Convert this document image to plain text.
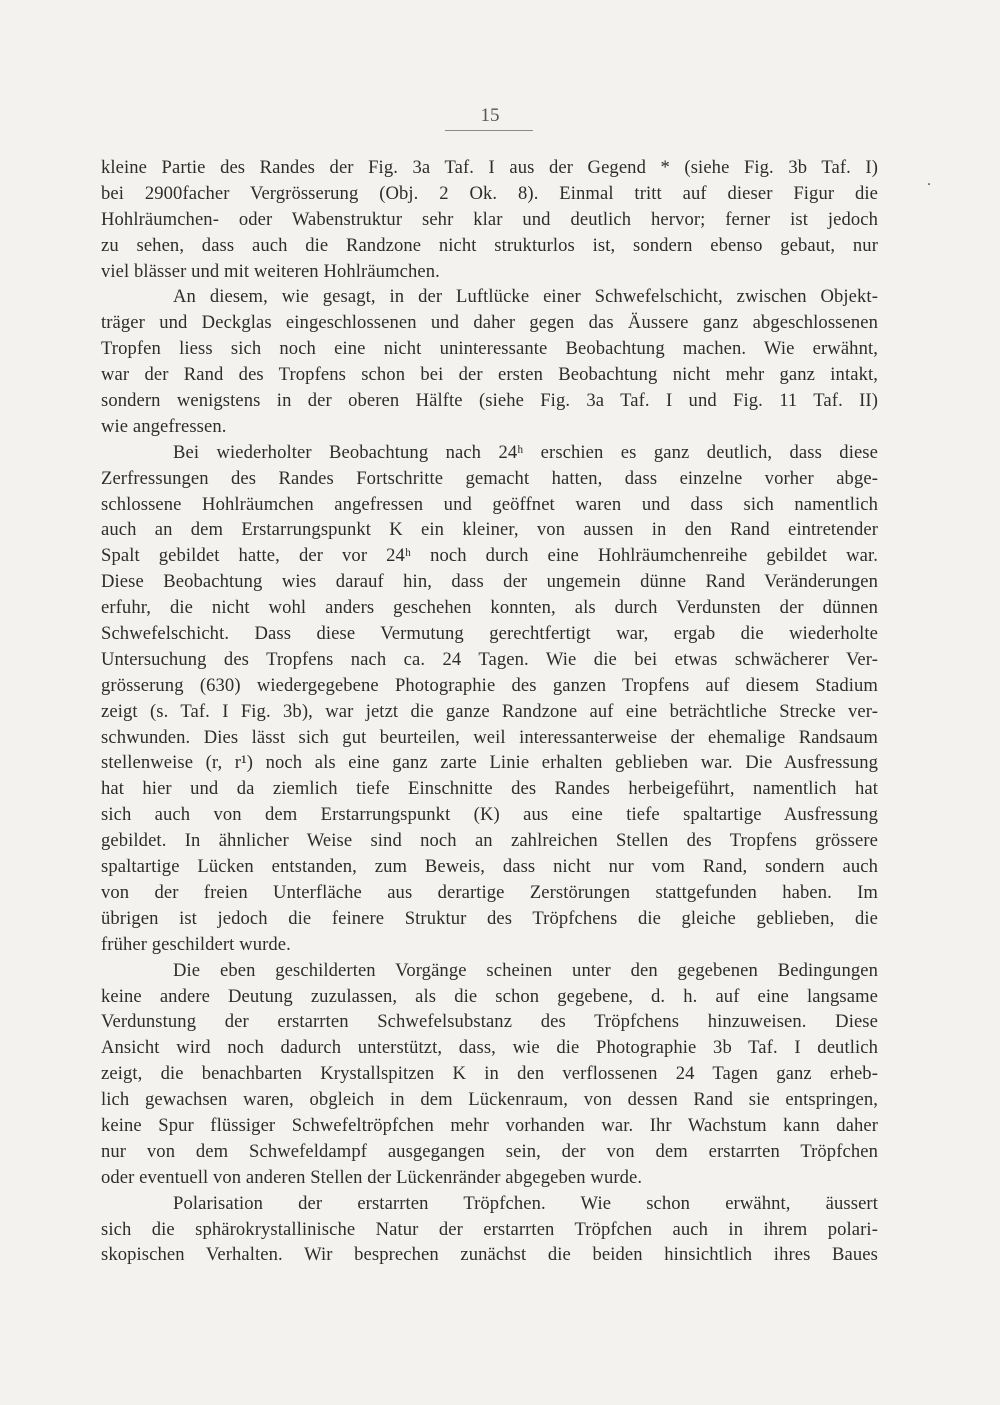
15
.
kleine Partie des Randes der Fig. 3a Taf. I aus der Gegend * (siehe Fig. 3b Taf. I)
bei 2900facher Vergrösserung (Obj. 2 Ok. 8). Einmal tritt auf dieser Figur die
Hohlräumchen- oder Wabenstruktur sehr klar und deutlich hervor; ferner ist jedoch
zu sehen, dass auch die Randzone nicht strukturlos ist, sondern ebenso gebaut, nur
viel blässer und mit weiteren Hohlräumchen.
An diesem, wie gesagt, in der Luftlücke einer Schwefelschicht, zwischen Objekt-
träger und Deckglas eingeschlossenen und daher gegen das Äussere ganz abgeschlossenen
Tropfen liess sich noch eine nicht uninteressante Beobachtung machen. Wie erwähnt,
war der Rand des Tropfens schon bei der ersten Beobachtung nicht mehr ganz intakt,
sondern wenigstens in der oberen Hälfte (siehe Fig. 3a Taf. I und Fig. 11 Taf. II)
wie angefressen.
Bei wiederholter Beobachtung nach 24ʰ erschien es ganz deutlich, dass diese
Zerfressungen des Randes Fortschritte gemacht hatten, dass einzelne vorher abge-
schlossene Hohlräumchen angefressen und geöffnet waren und dass sich namentlich
auch an dem Erstarrungspunkt K ein kleiner, von aussen in den Rand eintretender
Spalt gebildet hatte, der vor 24ʰ noch durch eine Hohlräumchenreihe gebildet war.
Diese Beobachtung wies darauf hin, dass der ungemein dünne Rand Veränderungen
erfuhr, die nicht wohl anders geschehen konnten, als durch Verdunsten der dünnen
Schwefelschicht. Dass diese Vermutung gerechtfertigt war, ergab die wiederholte
Untersuchung des Tropfens nach ca. 24 Tagen. Wie die bei etwas schwächerer Ver-
grösserung (630) wiedergegebene Photographie des ganzen Tropfens auf diesem Stadium
zeigt (s. Taf. I Fig. 3b), war jetzt die ganze Randzone auf eine beträchtliche Strecke ver-
schwunden. Dies lässt sich gut beurteilen, weil interessanterweise der ehemalige Randsaum
stellenweise (r, r¹) noch als eine ganz zarte Linie erhalten geblieben war. Die Ausfressung
hat hier und da ziemlich tiefe Einschnitte des Randes herbeigeführt, namentlich hat
sich auch von dem Erstarrungspunkt (K) aus eine tiefe spaltartige Ausfressung
gebildet. In ähnlicher Weise sind noch an zahlreichen Stellen des Tropfens grössere
spaltartige Lücken entstanden, zum Beweis, dass nicht nur vom Rand, sondern auch
von der freien Unterfläche aus derartige Zerstörungen stattgefunden haben. Im
übrigen ist jedoch die feinere Struktur des Tröpfchens die gleiche geblieben, die
früher geschildert wurde.
Die eben geschilderten Vorgänge scheinen unter den gegebenen Bedingungen
keine andere Deutung zuzulassen, als die schon gegebene, d. h. auf eine langsame
Verdunstung der erstarrten Schwefelsubstanz des Tröpfchens hinzuweisen. Diese
Ansicht wird noch dadurch unterstützt, dass, wie die Photographie 3b Taf. I deutlich
zeigt, die benachbarten Krystallspitzen K in den verflossenen 24 Tagen ganz erheb-
lich gewachsen waren, obgleich in dem Lückenraum, von dessen Rand sie entspringen,
keine Spur flüssiger Schwefeltröpfchen mehr vorhanden war. Ihr Wachstum kann daher
nur von dem Schwefeldampf ausgegangen sein, der von dem erstarrten Tröpfchen
oder eventuell von anderen Stellen der Lückenränder abgegeben wurde.
Polarisation der erstarrten Tröpfchen. Wie schon erwähnt, äussert
sich die sphärokrystallinische Natur der erstarrten Tröpfchen auch in ihrem polari-
skopischen Verhalten. Wir besprechen zunächst die beiden hinsichtlich ihres Baues
